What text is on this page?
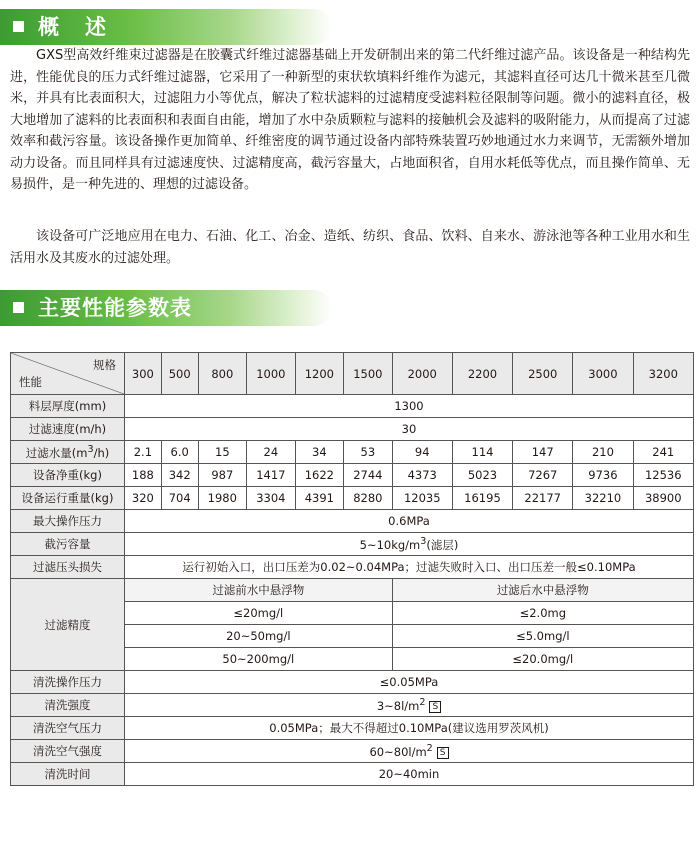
概述

GXS型高效纤维束过滤器是在胶囊式纤维过滤器基础上开发研制出来的第二代纤维过滤产品。该设备是一种结构先进，性能优良的压力式纤维过滤器，它采用了一种新型的束状软填料纤维作为滤元，其滤料直径可达几十微米甚至几微米，并具有比表面积大，过滤阻力小等优点，解决了粒状滤料的过滤精度受滤料粒径限制等问题。微小的滤料直径，极大地增加了滤料的比表面积和表面自由能，增加了水中杂质颗粒与滤料的接触机会及滤料的吸附能力，从而提高了过滤效率和截污容量。该设备操作更加简单、纤维密度的调节通过设备内部特殊装置巧妙地通过水力来调节，无需额外增加动力设备。而且同样具有过滤速度快、过滤精度高，截污容量大，占地面积省，自用水耗低等优点，而且操作简单、无易损件，是一种先进的、理想的过滤设备。

该设备可广泛地应用在电力、石油、化工、冶金、造纸、纺织、食品、饮料、自来水、游泳池等各种工业用水和生活用水及其废水的过滤处理。

主要性能参数表
规格
性能	300	500	800	1000	1200	1500	2000	2200	2500	3000	3200
料层厚度(mm)	1300										
过滤速度(m/h)	30										
过滤水量$(m^3/h)$	2.1	6.0	15	24	34	53	94	114	147	210	241
设备净重(kg)	188	342	987	1417	1622	2744	4373	5023	7267	9736	12536
设备运行重量(kg)	320	704	1980	3304	4391	8280	12035	16195	22177	32210	38900
最大操作压力	0.6MPa										
截污容量	$5\sim 10kg/m^3$(滤层)										
过滤压头损失	运行初始入口，出口压差为0.02~0.04MPa；过滤失败时入口、出口压差一般≤0.10MPa										
过滤精度	过滤前水中悬浮物						过滤后水中悬浮物				
	≤20mg/l						≤2.0mg				
	20~50mg/l						≤5.0mg/l				
	50~200mg/l						≤20.0mg/l				
清洗操作压力	≤0.05MPa										
清洗强度	$3\sim 8l/m^2$ S										
清洗空气压力	0.05MPa；最大不得超过0.10MPa(建议选用罗茨风机)										
清洗空气强度	$60\sim 80l/m^2$ S										
清洗时间	20~40min										
